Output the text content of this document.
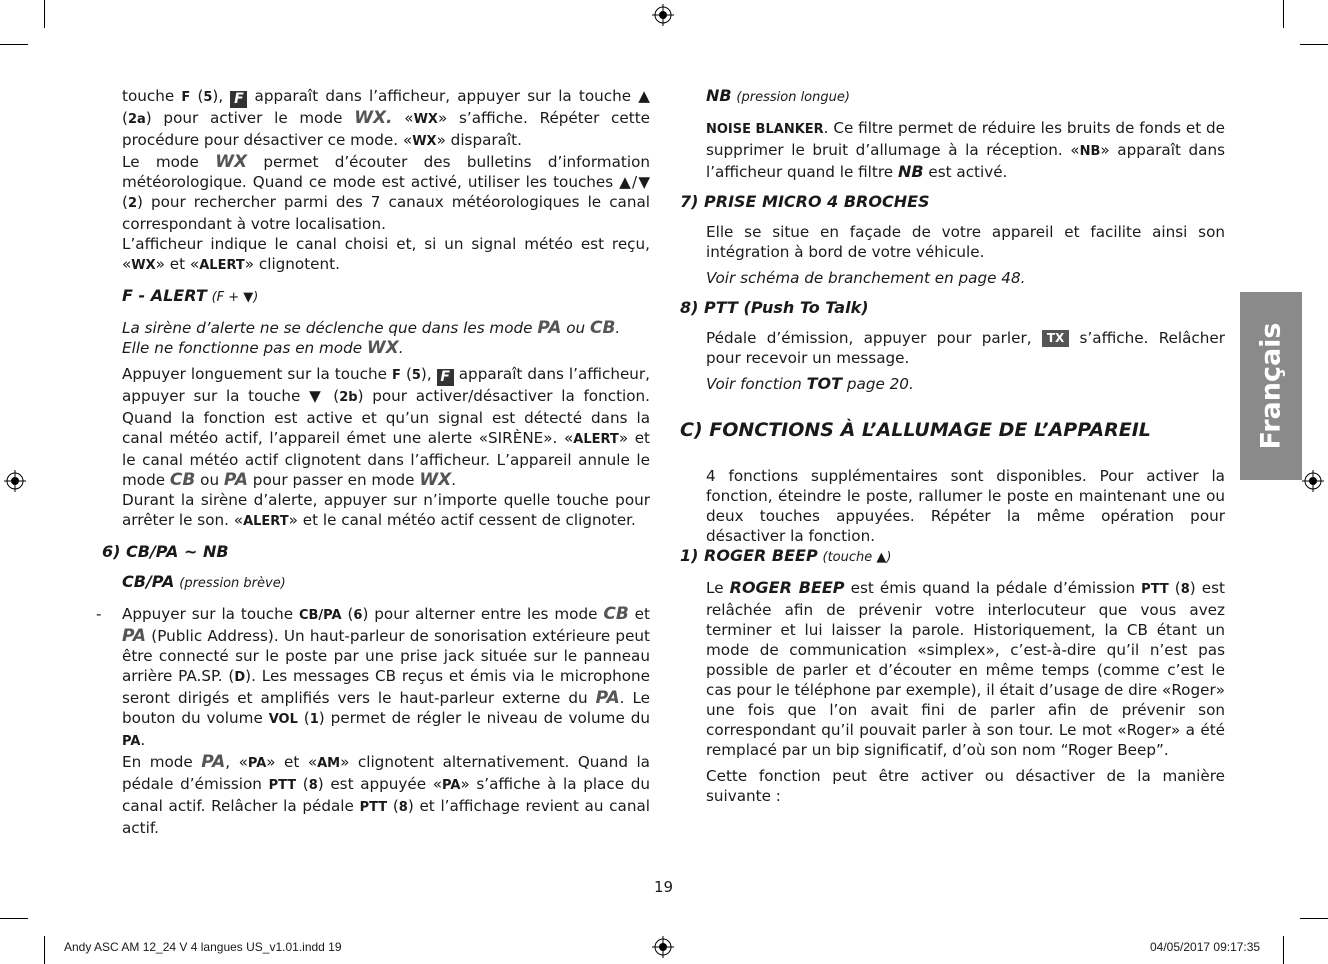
touche F (5), F apparaît dans l’afficheur, appuyer sur la touche ▲ (2a) pour activer le mode WX. «WX» s’affiche. Répéter cette procédure pour désactiver ce mode. «WX» disparaît.

Le mode WX permet d’écouter des bulletins d’information météorologique. Quand ce mode est activé, utiliser les touches ▲/▼ (2) pour rechercher parmi des 7 canaux météorologiques le canal correspondant à votre localisation.

L’afficheur indique le canal choisi et, si un signal météo est reçu, «WX» et «ALERT» clignotent.

F - ALERT (F + ▼)

La sirène d’alerte ne se déclenche que dans les mode PA ou CB.

Elle ne fonctionne pas en mode WX.

Appuyer longuement sur la touche F (5), F apparaît dans l’afficheur, appuyer sur la touche ▼ (2b) pour activer/désactiver la fonction. Quand la fonction est active et qu’un signal est détecté dans la canal météo actif, l’appareil émet une alerte «SIRÈNE». «ALERT» et le canal météo actif clignotent dans l’afficheur. L’appareil annule le mode CB ou PA pour passer en mode WX.

Durant la sirène d’alerte, appuyer sur n’importe quelle touche pour arrêter le son. «ALERT» et le canal météo actif cessent de clignoter.

6) CB/PA ~ NB

CB/PA (pression brève)

- Appuyer sur la touche CB/PA (6) pour alterner entre les mode CB et PA (Public Address). Un haut-parleur de sonorisation extérieure peut être connecté sur le poste par une prise jack située sur le panneau arrière PA.SP. (D). Les messages CB reçus et émis via le microphone seront dirigés et amplifiés vers le haut-parleur externe du PA. Le bouton du volume VOL (1) permet de régler le niveau de volume du PA.

En mode PA, «PA» et «AM» clignotent alternativement. Quand la pédale d’émission PTT (8) est appuyée «PA» s’affiche à la place du canal actif. Relâcher la pédale PTT (8) et l’affichage revient au canal actif.

NB (pression longue)

NOISE BLANKER. Ce filtre permet de réduire les bruits de fonds et de supprimer le bruit d’allumage à la réception. «NB» apparaît dans l’afficheur quand le filtre NB est activé.

7) PRISE MICRO 4 BROCHES

Elle se situe en façade de votre appareil et facilite ainsi son intégration à bord de votre véhicule.

Voir schéma de branchement en page 48.

8) PTT (Push To Talk)

Pédale d’émission, appuyer pour parler, TX s’affiche. Relâcher pour recevoir un message.

Voir fonction TOT page 20.

C) FONCTIONS À L’ALLUMAGE DE L’APPAREIL

4 fonctions supplémentaires sont disponibles. Pour activer la fonction, éteindre le poste, rallumer le poste en maintenant une ou deux touches appuyées. Répéter la même opération pour désactiver la fonction.

1) ROGER BEEP (touche ▲)

Le ROGER BEEP est émis quand la pédale d’émission PTT (8) est relâchée afin de prévenir votre interlocuteur que vous avez terminer et lui laisser la parole. Historiquement, la CB étant un mode de communication «simplex», c’est-à-dire qu’il n’est pas possible de parler et d’écouter en même temps (comme c’est le cas pour le téléphone par exemple), il était d’usage de dire «Roger» une fois que l’on avait fini de parler afin de prévenir son correspondant qu’il pouvait parler à son tour. Le mot «Roger» a été remplacé par un bip significatif, d’où son nom “Roger Beep”.

Cette fonction peut être activer ou désactiver de la manière suivante :

Français
19
Andy ASC AM 12_24 V 4 langues US_v1.01.indd 19	04/05/2017 09:17:35
